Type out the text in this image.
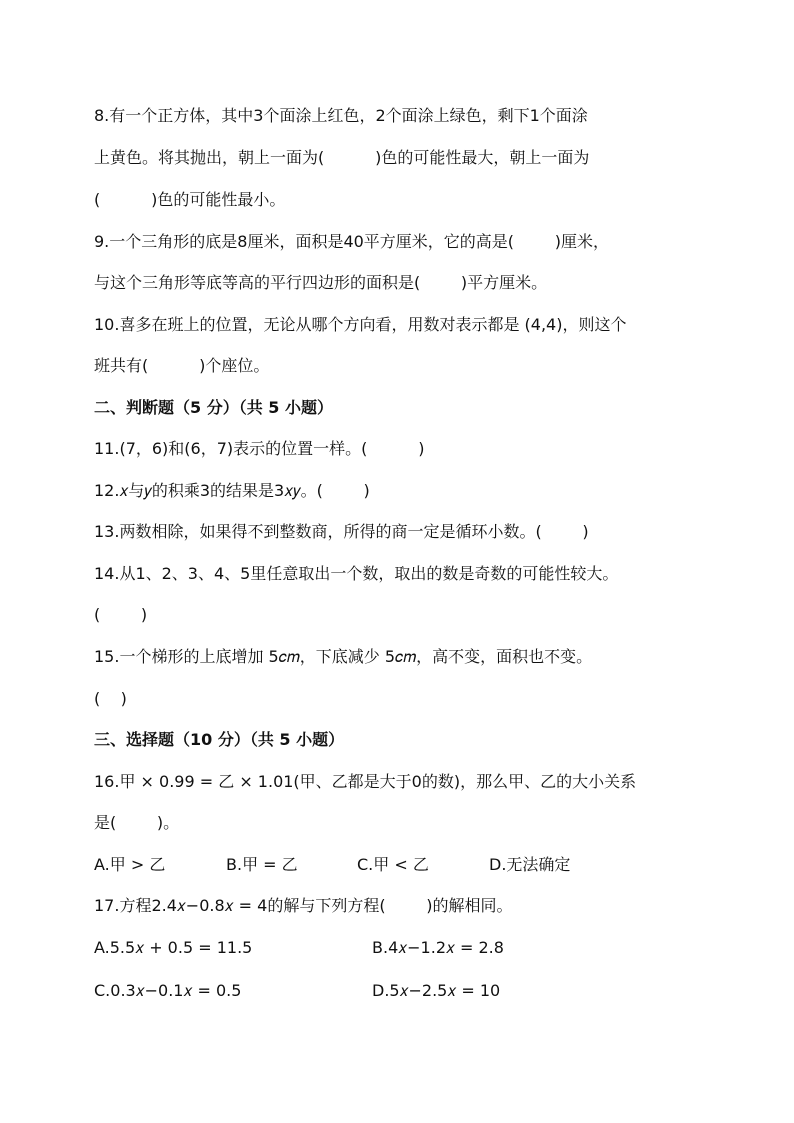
8.有一个正方体，其中3个面涂上红色，2个面涂上绿色，剩下1个面涂
上黄色。将其抛出，朝上一面为(          )色的可能性最大，朝上一面为
(          )色的可能性最小。
9.一个三角形的底是8厘米，面积是40平方厘米，它的高是(        )厘米，
与这个三角形等底等高的平行四边形的面积是(        )平方厘米。
10.喜多在班上的位置，无论从哪个方向看，用数对表示都是 (4,4)，则这个
班共有(          )个座位。
二、判断题（5 分）（共 5 小题）
11.(7，6)和(6，7)表示的位置一样。(          )
12.𝑥与𝑦的积乘3的结果是3𝑥𝑦。(        )
13.两数相除，如果得不到整数商，所得的商一定是循环小数。(        )
14.从1、2、3、4、5里任意取出一个数，取出的数是奇数的可能性较大。
(        )
15.一个梯形的上底增加 5𝑐𝑚，下底减少 5𝑐𝑚，高不变，面积也不变。
(    )
三、选择题（10 分）（共 5 小题）
16.甲 × 0.99 = 乙 × 1.01(甲、乙都是大于0的数)，那么甲、乙的大小关系
是(        )。
A.甲 > 乙	B.甲 = 乙	C.甲 < 乙	D.无法确定
17.方程2.4𝑥−0.8𝑥 = 4的解与下列方程(        )的解相同。
A.5.5𝑥 + 0.5 = 11.5	B.4𝑥−1.2𝑥 = 2.8
C.0.3𝑥−0.1𝑥 = 0.5	D.5𝑥−2.5𝑥 = 10
